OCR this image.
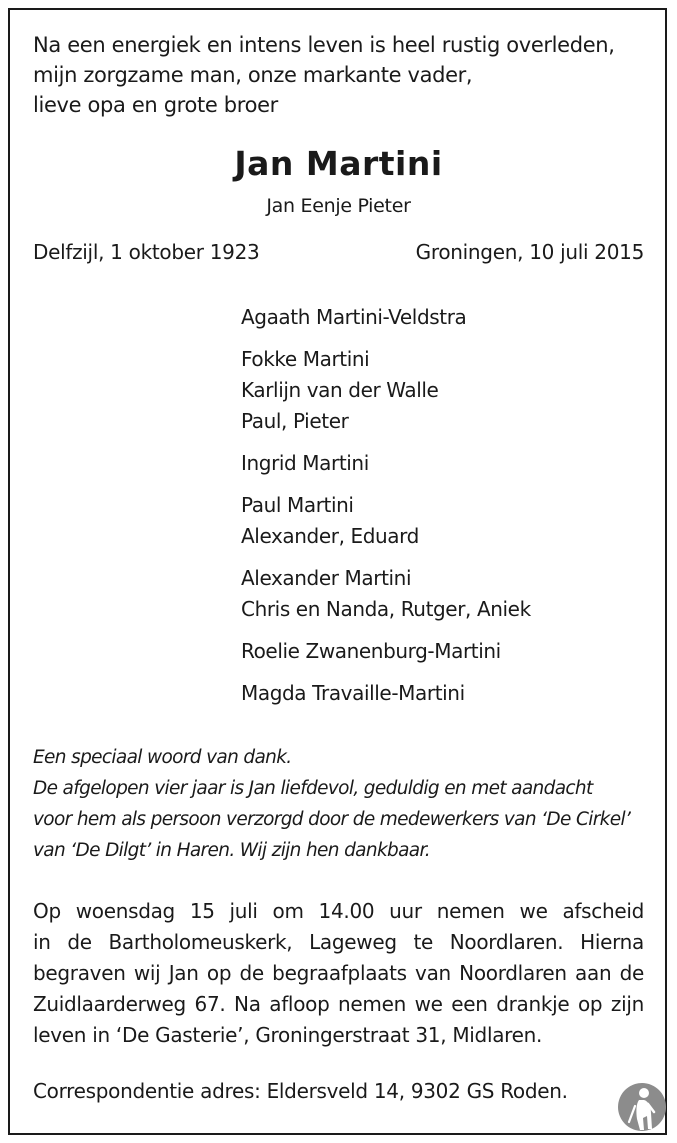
Na een energiek en intens leven is heel rustig overleden,
mijn zorgzame man, onze markante vader,
lieve opa en grote broer
Jan Martini
Jan Eenje Pieter
Delfzijl, 1 oktober 1923	Groningen, 10 juli 2015
Agaath Martini-Veldstra
Fokke Martini
Karlijn van der Walle
Paul, Pieter
Ingrid Martini
Paul Martini
Alexander, Eduard
Alexander Martini
Chris en Nanda, Rutger, Aniek
Roelie Zwanenburg-Martini
Magda Travaille-Martini
Een speciaal woord van dank.
De afgelopen vier jaar is Jan liefdevol, geduldig en met aandacht
voor hem als persoon verzorgd door de medewerkers van ‘De Cirkel’
van ‘De Dilgt’ in Haren. Wij zijn hen dankbaar.
Op woensdag 15 juli om 14.00 uur nemen we afscheid
in de Bartholomeuskerk, Lageweg te Noordlaren. Hierna
begraven wij Jan op de begraafplaats van Noordlaren aan de
Zuidlaarderweg 67. Na afloop nemen we een drankje op zijn
leven in ‘De Gasterie’, Groningerstraat 31, Midlaren.
Correspondentie adres: Eldersveld 14, 9302 GS Roden.
